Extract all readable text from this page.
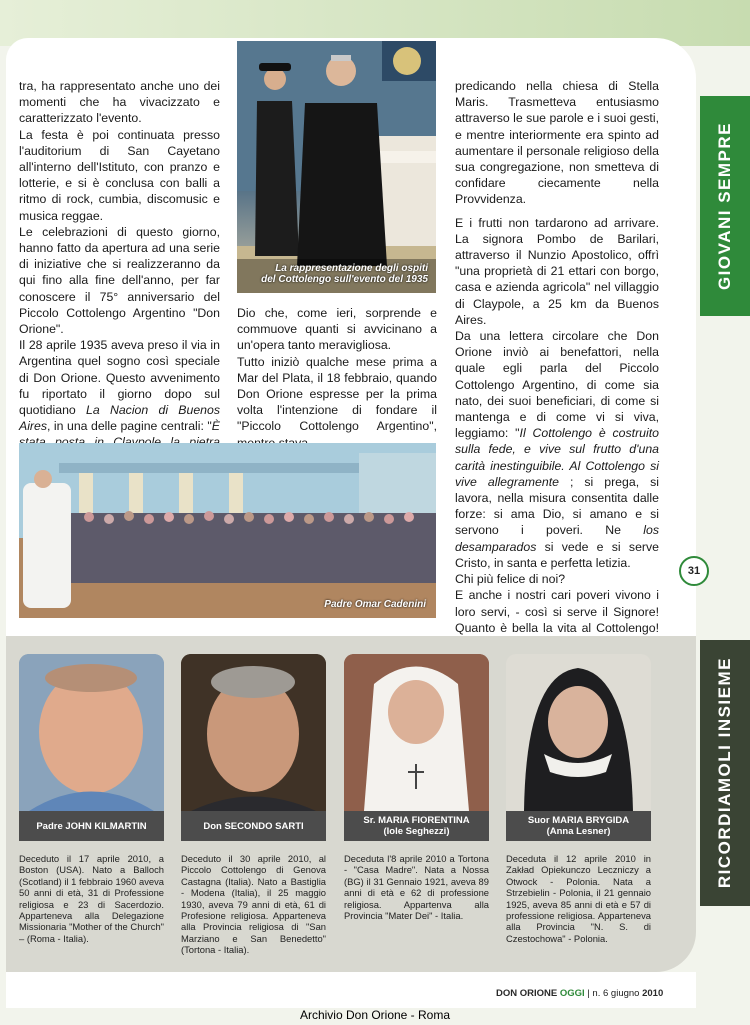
GIOVANI SEMPRE

tra, ha rappresentato anche uno dei momenti che ha vivacizzato e caratterizzato l'evento.

La festa è poi continuata presso l'auditorium di San Cayetano all'interno dell'Istituto, con pranzo e lotterie, e si è conclusa con balli a ritmo di rock, cumbia, discomusic e musica reggae.

Le celebrazioni di questo giorno, hanno fatto da apertura ad una serie di iniziative che si realizzeranno da qui fino alla fine dell'anno, per far conoscere il 75° anniversario del Piccolo Cottolengo Argentino "Don Orione".

Il 28 aprile 1935 aveva preso il via in Argentina quel sogno così speciale di Don Orione. Questo avvenimento fu riportato il giorno dopo sul quotidiano La Nacion di Buenos Aires, in una delle pagine centrali: "È

La rappresentazione degli ospiti
del Cottolengo sull'evento del 1935

Dio che, come ieri, sorprende e commuove quanti si avvicinano a un'opera tanto meravigliosa.

Tutto iniziò qualche mese prima a Mar del Plata, il 18 febbraio, quando Don Orione espresse per la prima volta l'intenzione di fondare il "Piccolo Cottolengo Argentino",

Padre Omar Cadenini

predicando nella chiesa di Stella Maris. Trasmetteva entusiasmo attraverso le sue parole e i suoi gesti, e mentre interiormente era spinto ad aumentare il personale religioso della sua congregazione, non smetteva di confidare ciecamente nella Provvidenza.

E i frutti non tardarono ad arrivare. La signora Pombo de Barilari, attraverso il Nunzio Apostolico, offrì "una proprietà di 21 ettari con borgo, casa e azienda agricola" nel villaggio di Claypole, a 25 km da Buenos Aires.

Da una lettera circolare che Don Orione inviò ai benefattori, nella quale egli parla del Piccolo Cottolengo Argentino, di come sia nato, dei suoi beneficiari, di come si mantenga e di come vi si viva, leggiamo: "Il Cottolengo è costruito sulla fede, e vive sul frutto d'una carità inestinguibile. Al Cottolengo si vive allegramente ; si prega, si lavora, nella misura consentita dalle forze: si ama Dio, si amano e si servono i poveri. Ne los desamparados si vede e si serve Cristo, in santa e perfetta letizia.

Chi più felice di noi?

E anche i nostri cari poveri vivono i loro servi, - così si serve il Signore! Quanto è bella la vita al Cottolengo!

31
RICORDIAMOLI INSIEME
Padre JOHN KILMARTIN
Deceduto il 17 aprile 2010, a Boston (USA). Nato a Balloch (Scotland) il 1 febbraio 1960 aveva 50 anni di età, 31 di Professione religiosa e 23 di Sacerdozio. Apparteneva alla Delegazione Missionaria "Mother of the Church" – (Roma - Italia).
Don SECONDO SARTI
Deceduto il 30 aprile 2010, al Piccolo Cottolengo di Genova Castagna (Italia). Nato a Bastiglia - Modena (Italia), il 25 maggio 1930, aveva 79 anni di età, 61 di Profesione religiosa. Apparteneva alla Provincia religiosa di "San Marziano e San Benedetto" (Tortona - Italia).
Sr. MARIA FIORENTINA
(Iole Seghezzi)
Deceduta l'8 aprile 2010 a Tortona - "Casa Madre". Nata a Nossa (BG) il 31 Gennaio 1921, aveva 89 anni di età e 62 di professione religiosa. Appartenva alla Provincia "Mater Dei" - Italia.
Suor MARIA BRYGIDA
(Anna Lesner)
Deceduta il 12 aprile 2010 in Zakład Opiekunczo Leczniczy a Otwock - Polonia. Nata a Strzebielin - Polonia, il 21 gennaio 1925, aveva 85 anni di età e 57 di professione religiosa. Apparteneva alla Provincia "N. S. di Czestochowa" - Polonia.
DON ORIONE OGGI | n. 6 giugno 2010
Archivio Don Orione - Roma
